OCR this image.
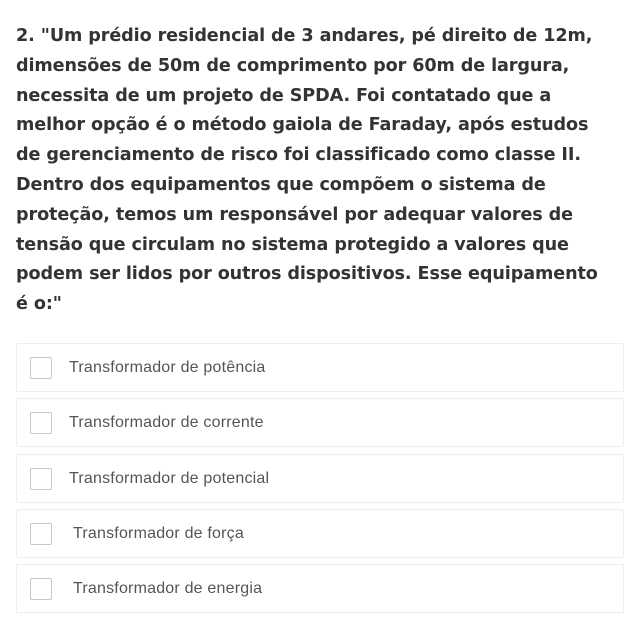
2. "Um prédio residencial de 3 andares, pé direito de 12m,
dimensões de 50m de comprimento por 60m de largura,
necessita de um projeto de SPDA. Foi contatado que a
melhor opção é o método gaiola de Faraday, após estudos
de gerenciamento de risco foi classificado como classe II.
Dentro dos equipamentos que compõem o sistema de
proteção, temos um responsável por adequar valores de
tensão que circulam no sistema protegido a valores que
podem ser lidos por outros dispositivos. Esse equipamento
é o:"

Transformador de potência
Transformador de corrente
Transformador de potencial
Transformador de força
Transformador de energia
